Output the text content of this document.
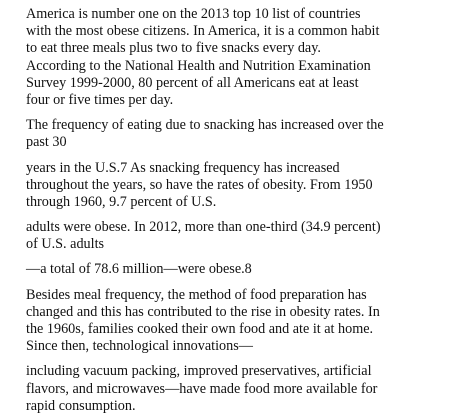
America is number one on the 2013 top 10 list of countries
with the most obese citizens. In America, it is a common habit
to eat three meals plus two to five snacks every day.
According to the National Health and Nutrition Examination
Survey 1999-2000, 80 percent of all Americans eat at least
four or five times per day.

The frequency of eating due to snacking has increased over the
past 30

years in the U.S.7 As snacking frequency has increased
throughout the years, so have the rates of obesity. From 1950
through 1960, 9.7 percent of U.S.

adults were obese. In 2012, more than one-third (34.9 percent)
of U.S. adults

—a total of 78.6 million—were obese.8

Besides meal frequency, the method of food preparation has
changed and this has contributed to the rise in obesity rates. In
the 1960s, families cooked their own food and ate it at home.
Since then, technological innovations—

including vacuum packing, improved preservatives, artificial
flavors, and microwaves—have made food more available for
rapid consumption.
